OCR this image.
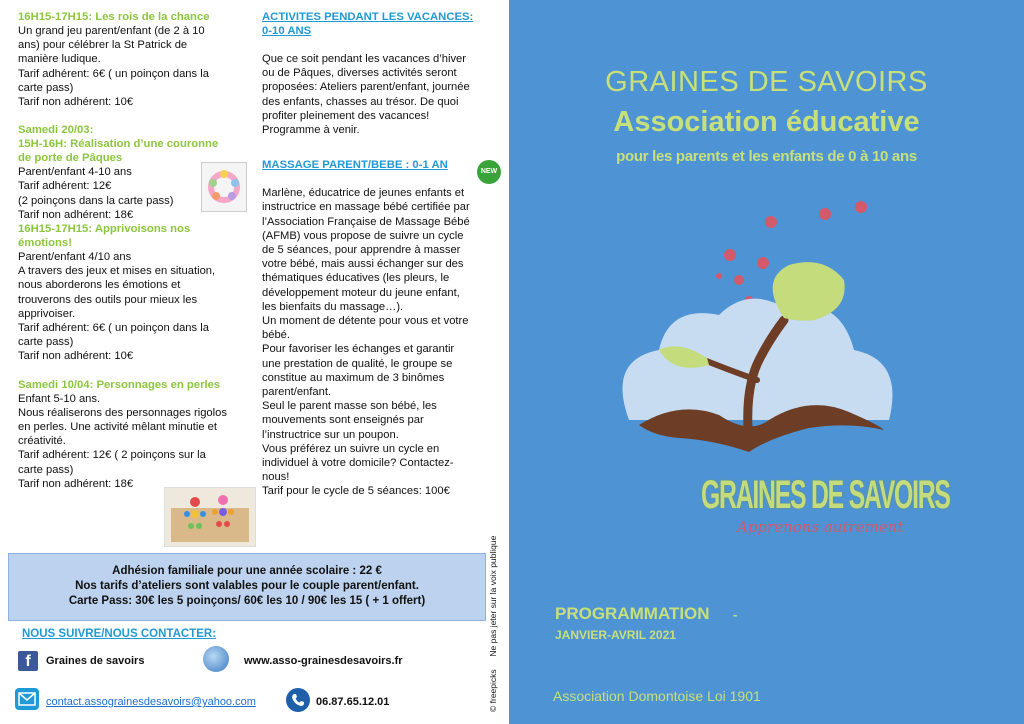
16H15-17H15: Les rois de la chance

Un grand jeu parent/enfant (de 2 à 10
ans) pour célébrer la St Patrick de
manière ludique.
Tarif adhérent: 6€ ( un poinçon dans la
carte pass)
Tarif non adhérent: 10€

Samedi 20/03:
15H-16H: Réalisation d’une couronne
de porte de Pâques

Parent/enfant 4-10 ans
Tarif adhérent: 12€
(2 poinçons dans la carte pass)
Tarif non adhérent: 18€

16H15-17H15: Apprivoisons nos
émotions!

Parent/enfant 4/10 ans
A travers des jeux et mises en situation,
nous aborderons les émotions et
trouverons des outils pour mieux les
apprivoiser.
Tarif adhérent: 6€ ( un poinçon dans la
carte pass)
Tarif non adhérent: 10€

Samedi 10/04: Personnages en perles

Enfant 5-10 ans.
Nous réaliserons des personnages rigolos
en perles. Une activité mêlant minutie et
créativité.
Tarif adhérent: 12€ ( 2 poinçons sur la
carte pass)
Tarif non adhérent: 18€

ACTIVITES PENDANT LES VACANCES:
0-10 ANS

Que ce soit pendant les vacances d’hiver
ou de Pâques, diverses activités seront
proposées: Ateliers parent/enfant, journée
des enfants, chasses au trésor. De quoi
profiter pleinement des vacances!
Programme à venir.

MASSAGE PARENT/BEBE : 0-1 AN

Marlène, éducatrice de jeunes enfants et
instructrice en massage bébé certifiée par
l’Association Française de Massage Bébé
(AFMB) vous propose de suivre un cycle
de 5 séances, pour apprendre à masser
votre bébé, mais aussi échanger sur des
thématiques éducatives (les pleurs, le
développement moteur du jeune enfant,
les bienfaits du massage…).
Un moment de détente pour vous et votre
bébé.
Pour favoriser les échanges et garantir
une prestation de qualité, le groupe se
constitue au maximum de 3 binômes
parent/enfant.
Seul le parent masse son bébé, les
mouvements sont enseignés par
l’instructrice sur un poupon.
Vous préférez un suivre un cycle en
individuel à votre domicile? Contactez-
nous!
Tarif pour le cycle de 5 séances: 100€

NEW
© freepicks  Ne pas jeter sur la voix publique
Adhésion familiale pour une année scolaire : 22 €
Nos tarifs d’ateliers sont valables pour le couple parent/enfant.
Carte Pass: 30€ les 5 poinçons/ 60€ les 10 / 90€ les 15 ( + 1 offert)
NOUS SUIVRE/NOUS CONTACTER:
f	Graines de savoirs	www.asso-grainesdesavoirs.fr
contact.assograinesdesavoirs@yahoo.com	06.87.65.12.01
GRAINES DE SAVOIRS
Association éducative
pour les parents et les enfants de 0 à 10 ans
GRAINES DE SAVOIRS
Apprenons autrement
PROGRAMMATION -
JANVIER-AVRIL 2021
Association Domontoise Loi 1901
